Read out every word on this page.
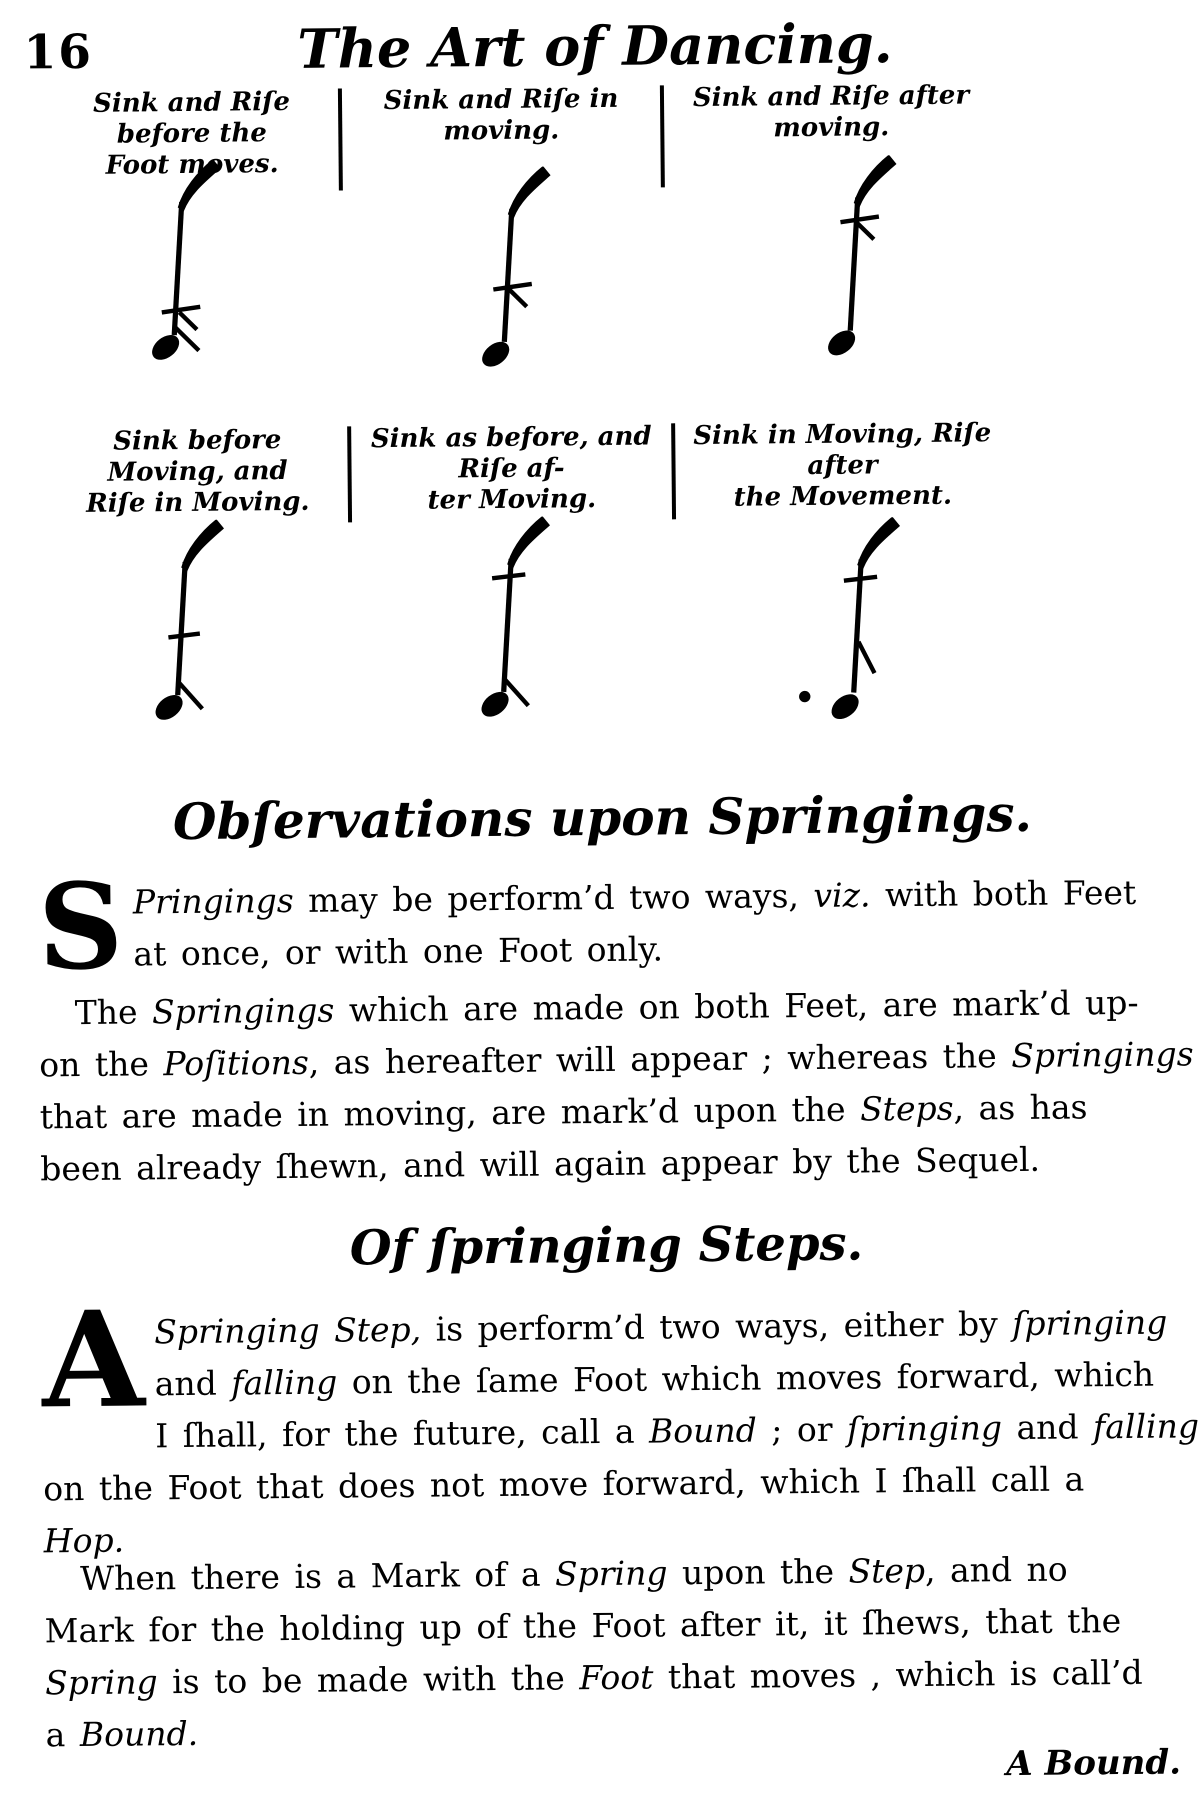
16	The Art of Dancing.
Sink and Riſe before the
Foot moves.
Sink and Riſe in moving.
Sink and Riſe after moving.
Sink before Moving, and
Riſe in Moving.
Sink as before, and Riſe af-
ter Moving.
Sink in Moving, Riſe after
the Movement.
Obſervations upon Springings.
S Pringings may be perform’d two ways, viz. with both Feet
at once, or with one Foot only.
The Springings which are made on both Feet, are mark’d up-
on the Poſitions, as hereafter will appear ; whereas the Springings
that are made in moving, are mark’d upon the Steps, as has
been already ſhewn, and will again appear by the Sequel.
Of ſpringing Steps.
A Springing Step, is perform’d two ways, either by ſpringing
and falling on the ſame Foot which moves forward, which
I ſhall, for the future, call a Bound ; or ſpringing and falling
on the Foot that does not move forward, which I ſhall call a
Hop.
When there is a Mark of a Spring upon the Step, and no
Mark for the holding up of the Foot after it, it ſhews, that the
Spring is to be made with the Foot that moves , which is call’d
a Bound.
A Bound.
